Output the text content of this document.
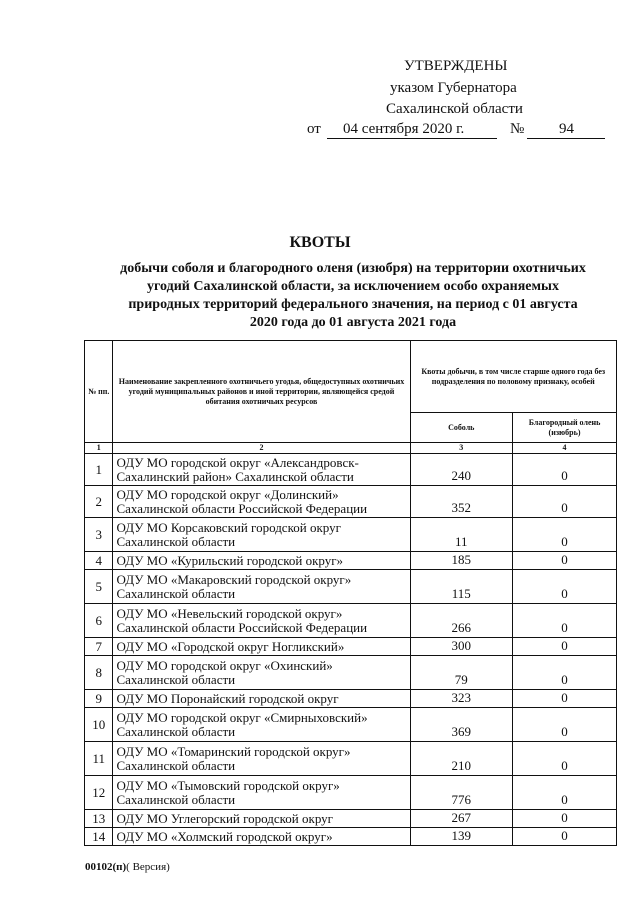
УТВЕРЖДЕНЫ
указом Губернатора
Сахалинской области
от 04 сентября 2020 г.	№ 94
КВОТЫ
добычи соболя и благородного оленя (изюбря) на территории охотничьих угодий Сахалинской области, за исключением особо охраняемых природных территорий федерального значения, на период с 01 августа 2020 года до 01 августа 2021 года
№ пп.	Наименование закрепленного охотничьего угодья, общедоступных охотничьих угодий муниципальных районов и иной территории, являющейся средой обитания охотничьих ресурсов	Квоты добычи, в том числе старше одного года без подразделения по половому признаку, особей	
		Соболь	Благородный олень (изюбрь)
1	2	3	4
1	ОДУ МО городской округ «Александровск-Сахалинский район» Сахалинской области	240	0
2	ОДУ МО городской округ «Долинский» Сахалинской области Российской Федерации	352	0
3	ОДУ МО Корсаковский городской округ Сахалинской области	11	0
4	ОДУ МО «Курильский городской округ»	185	0
5	ОДУ МО «Макаровский городской округ» Сахалинской области	115	0
6	ОДУ МО «Невельский городской округ» Сахалинской области Российской Федерации	266	0
7	ОДУ МО «Городской округ Ногликский»	300	0
8	ОДУ МО городской округ «Охинский» Сахалинской области	79	0
9	ОДУ МО Поронайский городской округ	323	0
10	ОДУ МО городской округ «Смирныховский» Сахалинской области	369	0
11	ОДУ МО «Томаринский городской округ» Сахалинской области	210	0
12	ОДУ МО «Тымовский городской округ» Сахалинской области	776	0
13	ОДУ МО Углегорский городской округ	267	0
14	ОДУ МО «Холмский городской округ»	139	0
00102(п)( Версия)
